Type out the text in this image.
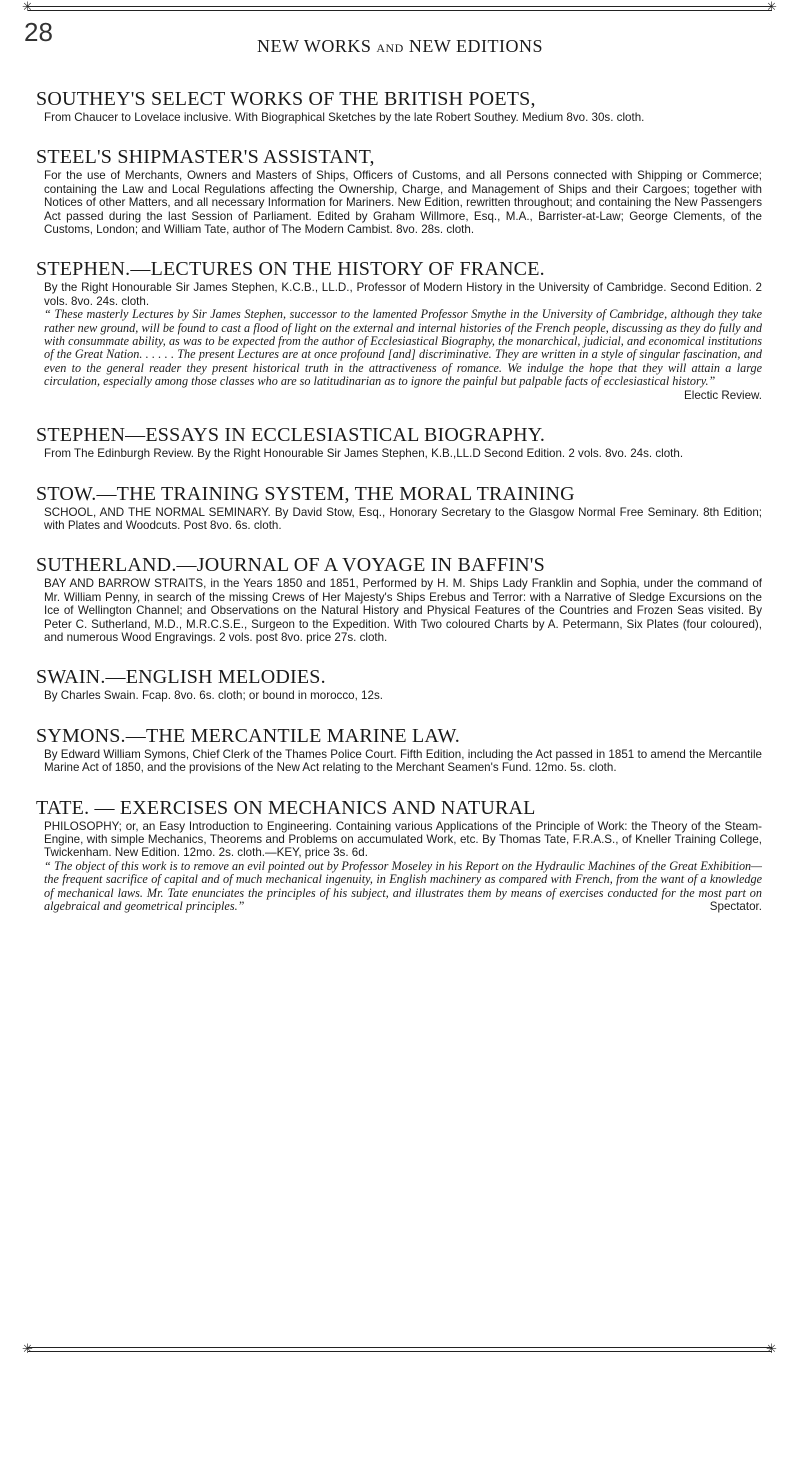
✳	✳
28	NEW WORKS AND NEW EDITIONS
SOUTHEY'S SELECT WORKS OF THE BRITISH POETS,
From Chaucer to Lovelace inclusive. With Biographical Sketches by the late Robert Southey. Medium 8vo. 30s. cloth.
STEEL'S SHIPMASTER'S ASSISTANT,
For the use of Merchants, Owners and Masters of Ships, Officers of Customs, and all Persons connected with Shipping or Commerce; containing the Law and Local Regulations affecting the Ownership, Charge, and Management of Ships and their Cargoes; together with Notices of other Matters, and all necessary Information for Mariners. New Edition, rewritten throughout; and containing the New Passengers Act passed during the last Session of Parliament. Edited by Graham Willmore, Esq., M.A., Barrister-at-Law; George Clements, of the Customs, London; and William Tate, author of The Modern Cambist. 8vo. 28s. cloth.
STEPHEN.—LECTURES ON THE HISTORY OF FRANCE.
By the Right Honourable Sir James Stephen, K.C.B., LL.D., Professor of Modern History in the University of Cambridge. Second Edition. 2 vols. 8vo. 24s. cloth.
“ These masterly Lectures by Sir James Stephen, successor to the lamented Professor Smythe in the University of Cambridge, although they take rather new ground, will be found to cast a flood of light on the external and internal histories of the French people, discussing as they do fully and with consummate ability, as was to be expected from the author of Ecclesiastical Biography, the monarchical, judicial, and economical institutions of the Great Nation. . . . . . The present Lectures are at once profound [and] discriminative. They are written in a style of singular fascination, and even to the general reader they present historical truth in the attractiveness of romance. We indulge the hope that they will attain a large circulation, especially among those classes who are so latitudinarian as to ignore the painful but palpable facts of ecclesiastical history.”
Electic Review.
STEPHEN—ESSAYS IN ECCLESIASTICAL BIOGRAPHY.
From The Edinburgh Review. By the Right Honourable Sir James Stephen, K.B.,LL.D Second Edition. 2 vols. 8vo. 24s. cloth.
STOW.—THE TRAINING SYSTEM, THE MORAL TRAINING
SCHOOL, AND THE NORMAL SEMINARY. By David Stow, Esq., Honorary Secretary to the Glasgow Normal Free Seminary. 8th Edition; with Plates and Woodcuts. Post 8vo. 6s. cloth.
SUTHERLAND.—JOURNAL OF A VOYAGE IN BAFFIN'S
BAY AND BARROW STRAITS, in the Years 1850 and 1851, Performed by H. M. Ships Lady Franklin and Sophia, under the command of Mr. William Penny, in search of the missing Crews of Her Majesty's Ships Erebus and Terror: with a Narrative of Sledge Excursions on the Ice of Wellington Channel; and Observations on the Natural History and Physical Features of the Countries and Frozen Seas visited. By Peter C. Sutherland, M.D., M.R.C.S.E., Surgeon to the Expedition. With Two coloured Charts by A. Petermann, Six Plates (four coloured), and numerous Wood Engravings. 2 vols. post 8vo. price 27s. cloth.
SWAIN.—ENGLISH MELODIES.
By Charles Swain. Fcap. 8vo. 6s. cloth; or bound in morocco, 12s.
SYMONS.—THE MERCANTILE MARINE LAW.
By Edward William Symons, Chief Clerk of the Thames Police Court. Fifth Edition, including the Act passed in 1851 to amend the Mercantile Marine Act of 1850, and the provisions of the New Act relating to the Merchant Seamen's Fund. 12mo. 5s. cloth.
TATE. — EXERCISES ON MECHANICS AND NATURAL
PHILOSOPHY; or, an Easy Introduction to Engineering. Containing various Applications of the Principle of Work: the Theory of the Steam-Engine, with simple Mechanics, Theorems and Problems on accumulated Work, etc. By Thomas Tate, F.R.A.S., of Kneller Training College, Twickenham. New Edition. 12mo. 2s. cloth.—KEY, price 3s. 6d.
“ The object of this work is to remove an evil pointed out by Professor Moseley in his Report on the Hydraulic Machines of the Great Exhibition—the frequent sacrifice of capital and of much mechanical ingenuity, in English machinery as compared with French, from the want of a knowledge of mechanical laws. Mr. Tate enunciates the principles of his subject, and illustrates them by means of exercises conducted for the most part on algebraical and geometrical principles.”	Spectator.
✳	✳
